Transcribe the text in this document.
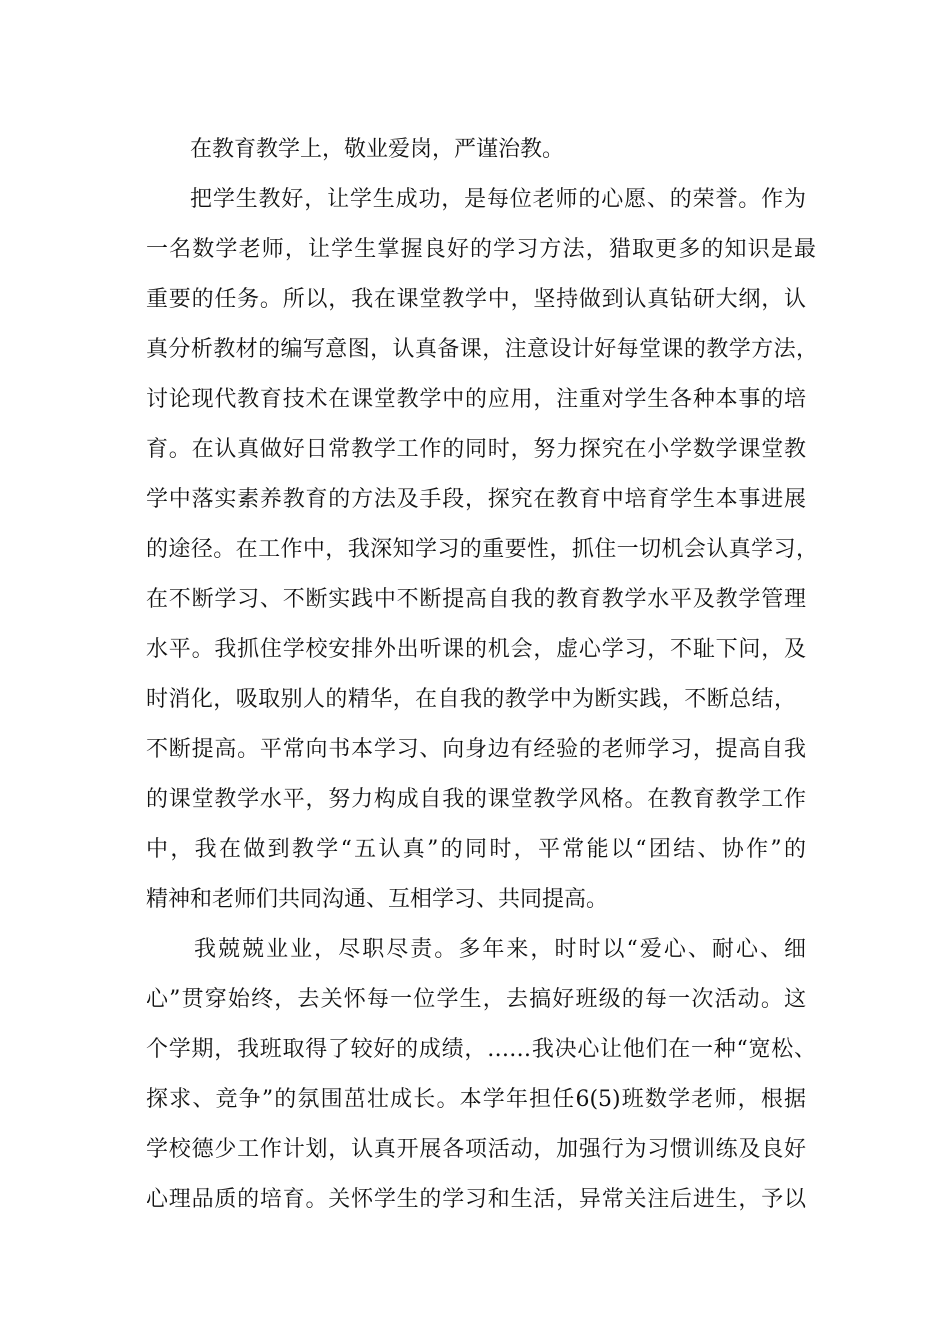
在教育教学上，敬业爱岗，严谨治教。
把学生教好，让学生成功，是每位老师的心愿、的荣誉。作为
一名数学老师，让学生掌握良好的学习方法，猎取更多的知识是最
重要的任务。所以，我在课堂教学中，坚持做到认真钻研大纲，认
真分析教材的编写意图，认真备课，注意设计好每堂课的教学方法，
讨论现代教育技术在课堂教学中的应用，注重对学生各种本事的培
育。在认真做好日常教学工作的同时，努力探究在小学数学课堂教
学中落实素养教育的方法及手段，探究在教育中培育学生本事进展
的途径。在工作中，我深知学习的重要性，抓住一切机会认真学习，
在不断学习、不断实践中不断提高自我的教育教学水平及教学管理
水平。我抓住学校安排外出听课的机会，虚心学习，不耻下问，及
时消化，吸取别人的精华，在自我的教学中为断实践，不断总结，
不断提高。平常向书本学习、向身边有经验的老师学习，提高自我
的课堂教学水平，努力构成自我的课堂教学风格。在教育教学工作
中，我在做到教学“五认真”的同时，平常能以“团结、协作”的
精神和老师们共同沟通、互相学习、共同提高。
我兢兢业业，尽职尽责。多年来，时时以“爱心、耐心、细
心”贯穿始终，去关怀每一位学生，去搞好班级的每一次活动。这
个学期，我班取得了较好的成绩，……我决心让他们在一种“宽松、
探求、竞争”的氛围茁壮成长。本学年担任6(5)班数学老师，根据
学校德少工作计划，认真开展各项活动，加强行为习惯训练及良好
心理品质的培育。关怀学生的学习和生活，异常关注后进生，予以
